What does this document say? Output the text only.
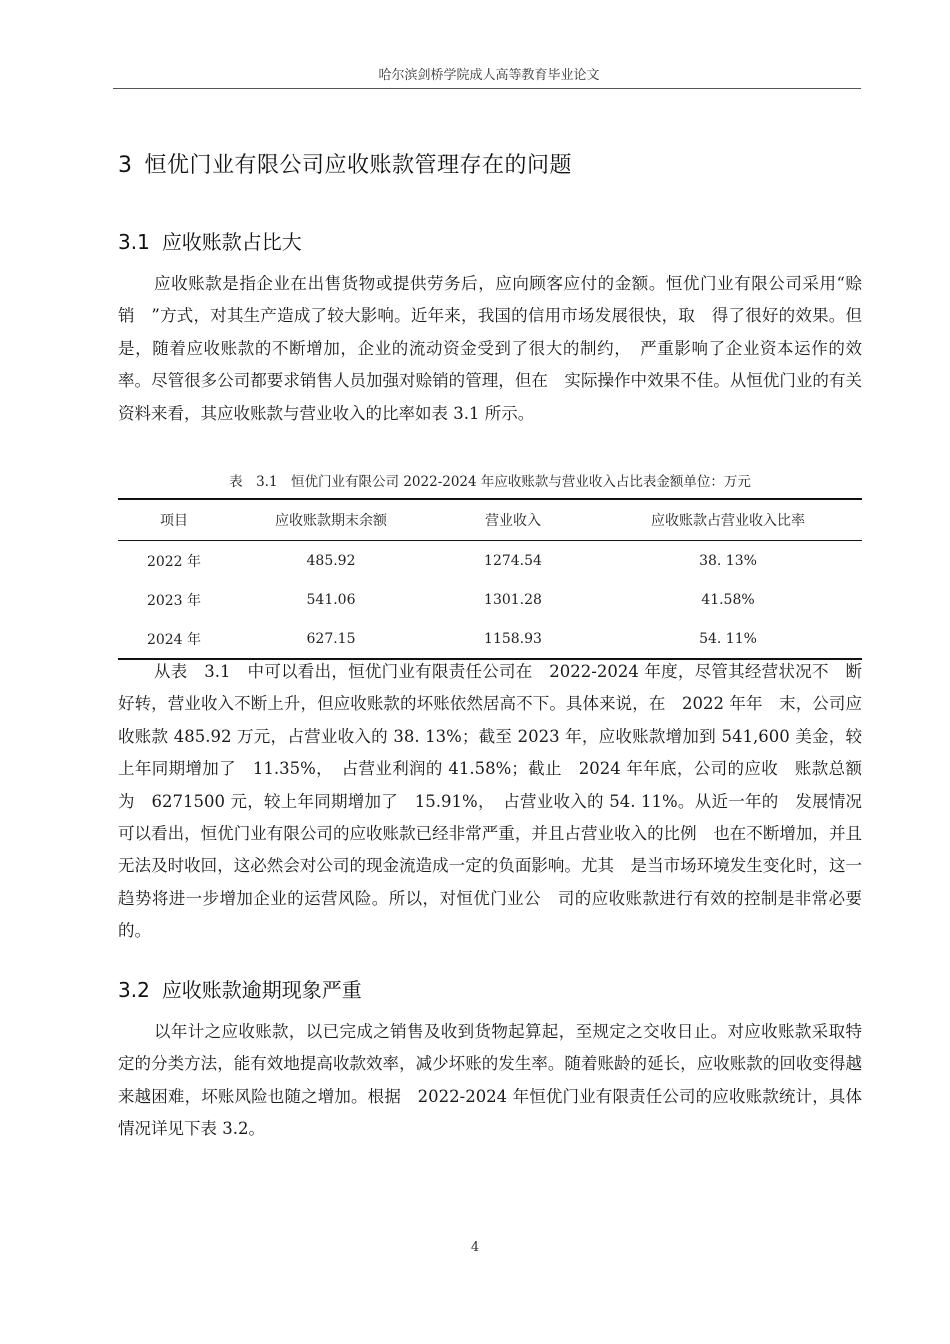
哈尔滨剑桥学院成人高等教育毕业论文
3 恒优门业有限公司应收账款管理存在的问题
3.1 应收账款占比大

应收账款是指企业在出售货物或提供劳务后，应向顾客应付的金额。恒优门业有限公司采用“赊销　”方式，对其生产造成了较大影响。近年来，我国的信用市场发展很快，取　得了很好的效果。但是，随着应收账款的不断增加，企业的流动资金受到了很大的制约，　严重影响了企业资本运作的效率。尽管很多公司都要求销售人员加强对赊销的管理，但在　实际操作中效果不佳。从恒优门业的有关资料来看，其应收账款与营业收入的比率如表 3.1 所示。

表　3.1　恒优门业有限公司 2022-2024 年应收账款与营业收入占比表金额单位：万元
项目	应收账款期末余额	营业收入	应收账款占营业收入比率
2022 年	485.92	1274.54	38. 13%
2023 年	541.06	1301.28	41.58%
2024 年	627.15	1158.93	54. 11%

从表　3.1　中可以看出，恒优门业有限责任公司在　2022-2024 年度，尽管其经营状况不　断好转，营业收入不断上升，但应收账款的坏账依然居高不下。具体来说，在　2022 年年　末，公司应收账款 485.92 万元，占营业收入的 38. 13%；截至 2023 年，应收账款增加到 541,600 美金，较上年同期增加了　11.35%，　占营业利润的 41.58%；截止　2024 年年底，公司的应收　账款总额为　6271500 元，较上年同期增加了　15.91%，　占营业收入的 54. 11%。从近一年的　发展情况可以看出，恒优门业有限公司的应收账款已经非常严重，并且占营业收入的比例　也在不断增加，并且无法及时收回，这必然会对公司的现金流造成一定的负面影响。尤其　是当市场环境发生变化时，这一趋势将进一步增加企业的运营风险。所以，对恒优门业公　司的应收账款进行有效的控制是非常必要的。

3.2 应收账款逾期现象严重

以年计之应收账款，以已完成之销售及收到货物起算起，至规定之交收日止。对应收账款采取特定的分类方法，能有效地提高收款效率，减少坏账的发生率。随着账龄的延长，应收账款的回收变得越来越困难，坏账风险也随之增加。根据　2022-2024 年恒优门业有限责任公司的应收账款统计，具体情况详见下表 3.2。

4
